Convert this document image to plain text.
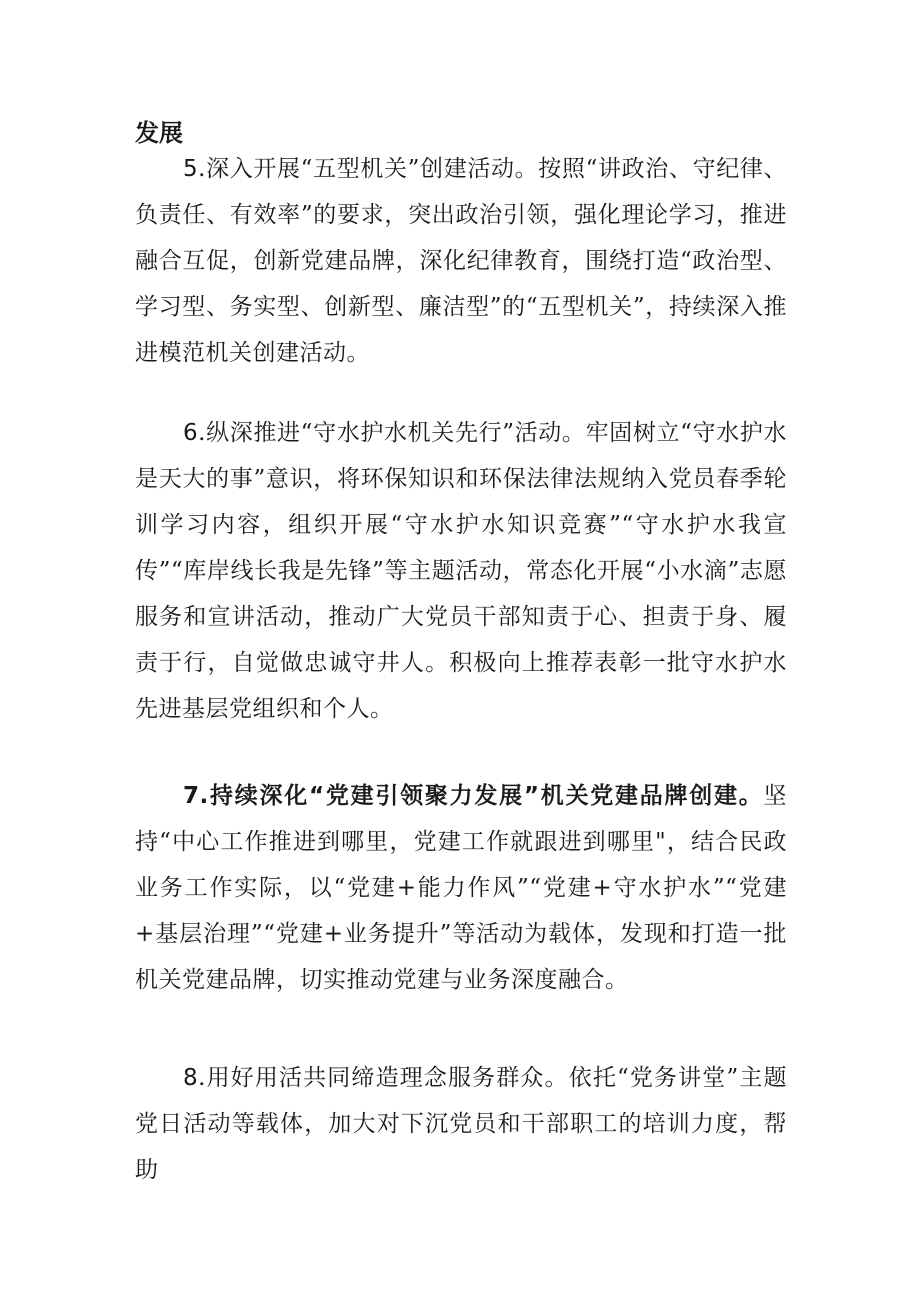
发展

5.深入开展“五型机关”创建活动。按照“讲政治、守纪律、负责任、有效率”的要求，突出政治引领，强化理论学习，推进融合互促，创新党建品牌，深化纪律教育，围绕打造“政治型、学习型、务实型、创新型、廉洁型”的“五型机关”，持续深入推进模范机关创建活动。

6.纵深推进“守水护水机关先行”活动。牢固树立“守水护水是天大的事”意识，将环保知识和环保法律法规纳入党员春季轮训学习内容，组织开展“守水护水知识竞赛”“守水护水我宣传”“库岸线长我是先锋”等主题活动，常态化开展“小水滴”志愿服务和宣讲活动，推动广大党员干部知责于心、担责于身、履责于行，自觉做忠诚守井人。积极向上推荐表彰一批守水护水先进基层党组织和个人。

7.持续深化“党建引领聚力发展”机关党建品牌创建。坚持“中心工作推进到哪里，党建工作就跟进到哪里"，结合民政业务工作实际，以“党建+能力作风”“党建+守水护水”“党建+基层治理”“党建+业务提升”等活动为载体，发现和打造一批机关党建品牌，切实推动党建与业务深度融合。

8.用好用活共同缔造理念服务群众。依托“党务讲堂”主题党日活动等载体，加大对下沉党员和干部职工的培训力度，帮助
